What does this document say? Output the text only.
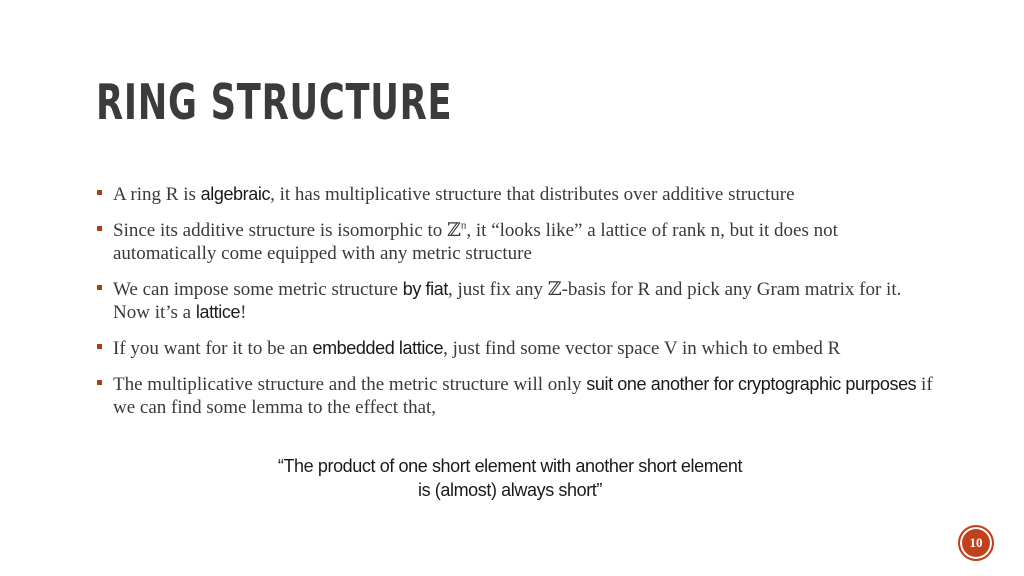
RING STRUCTURE
A ring R is algebraic, it has multiplicative structure that distributes over additive structure
Since its additive structure is isomorphic to ℤ$^n$, it “looks like” a lattice of rank n, but it does not automatically come equipped with any metric structure
We can impose some metric structure by fiat, just fix any ℤ-basis for R and pick any Gram matrix for it. Now it’s a lattice!
If you want for it to be an embedded lattice, just find some vector space V in which to embed R
The multiplicative structure and the metric structure will only suit one another for cryptographic purposes if we can find some lemma to the effect that,
“The product of one short element with another short element
is (almost) always short”
10
